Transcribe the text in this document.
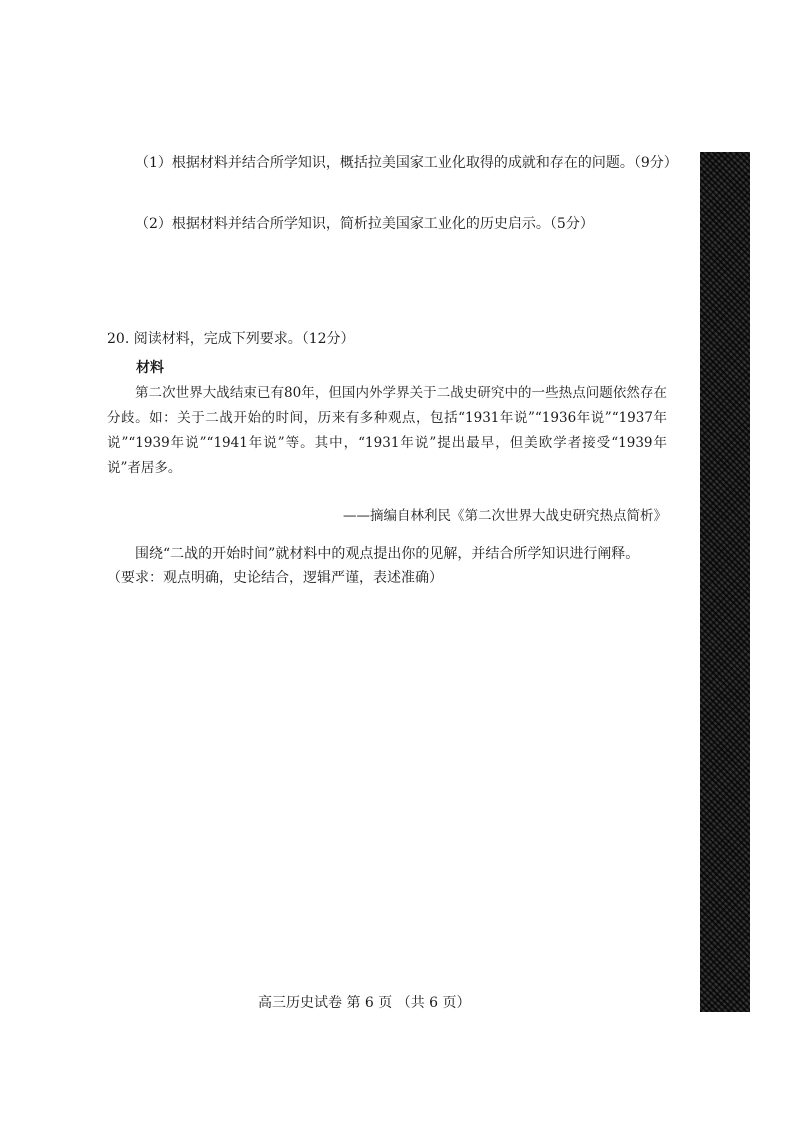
（1）根据材料并结合所学知识，概括拉美国家工业化取得的成就和存在的问题。（9分）
（2）根据材料并结合所学知识，简析拉美国家工业化的历史启示。（5分）
20. 阅读材料，完成下列要求。（12分）
材料

第二次世界大战结束已有80年，但国内外学界关于二战史研究中的一些热点问题依然存在分歧。如：关于二战开始的时间，历来有多种观点，包括“1931年说”“1936年说”“1937年说”“1939年说”“1941年说”等。其中，“1931年说”提出最早，但美欧学者接受“1939年说”者居多。

——摘编自林利民《第二次世界大战史研究热点简析》
围绕“二战的开始时间”就材料中的观点提出你的见解，并结合所学知识进行阐释。
（要求：观点明确，史论结合，逻辑严谨，表述准确）
高三历史试卷 第 6 页 （共 6 页）
